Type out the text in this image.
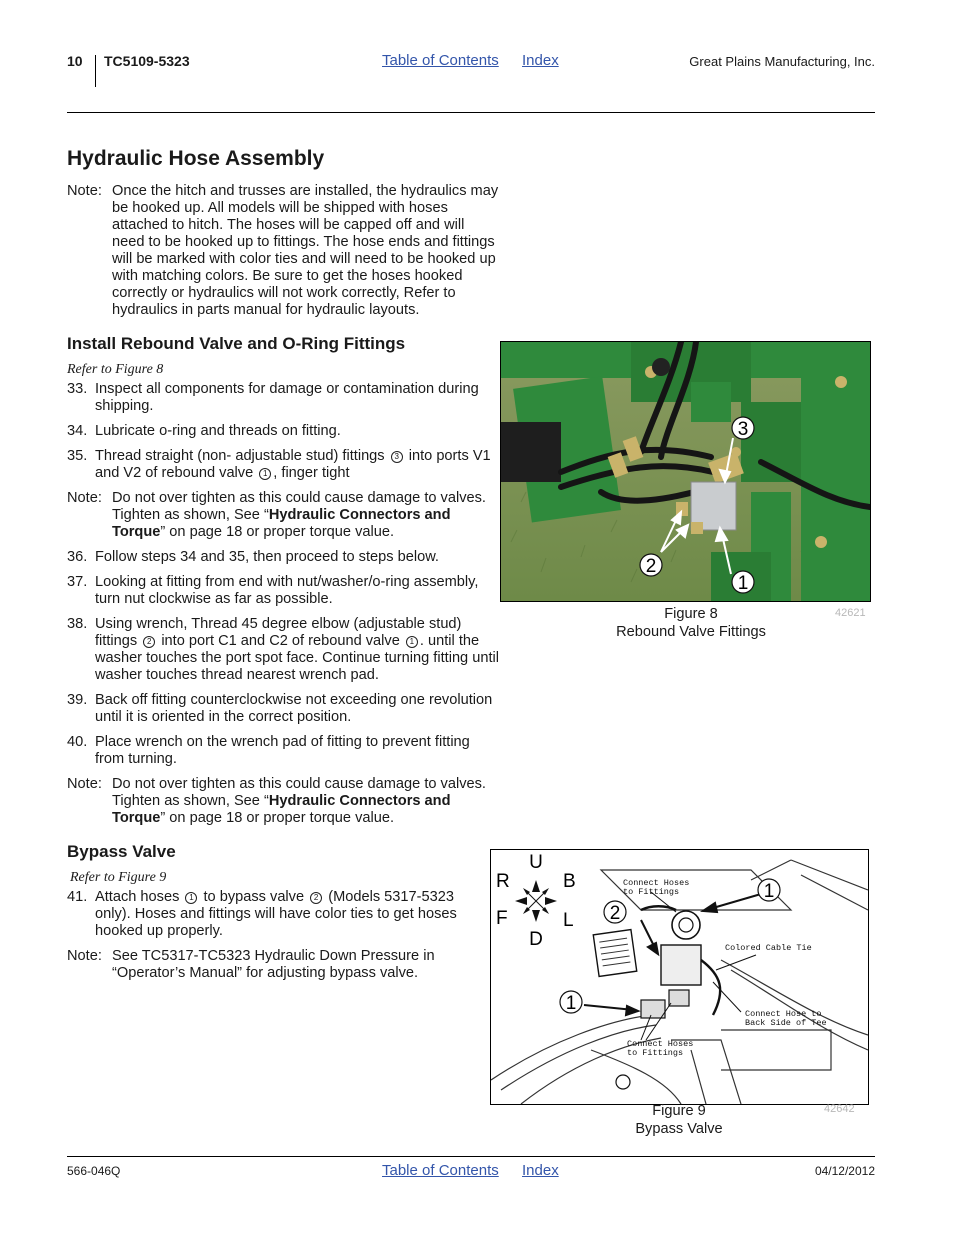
10 TC5109-5323	Table of Contents Index	Great Plains Manufacturing, Inc.
Hydraulic Hose Assembly
Note: Once the hitch and trusses are installed, the hydraulics may be hooked up. All models will be shipped with hoses attached to hitch. The hoses will be capped off and will need to be hooked up to fittings. The hose ends and fittings will be marked with color ties and will need to be hooked up with matching colors. Be sure to get the hoses hooked correctly or hydraulics will not work correctly, Refer to hydraulics in parts manual for hydraulic layouts.
Install Rebound Valve and O-Ring Fittings
Refer to Figure 8
33. Inspect all components for damage or contamination during shipping.
34. Lubricate o-ring and threads on fitting.
35. Thread straight (non- adjustable stud) fittings 3 into ports V1 and V2 of rebound valve 1 , finger tight
Note: Do not over tighten as this could cause damage to valves. Tighten as shown, See “Hydraulic Connectors and Torque” on page 18 or proper torque value.
36. Follow steps 34 and 35, then proceed to steps below.
37. Looking at fitting from end with nut/washer/o-ring assembly, turn nut clockwise as far as possible.
38. Using wrench, Thread 45 degree elbow (adjustable stud) fittings 2 into port C1 and C2 of rebound valve 1 . until the washer touches the port spot face. Continue turning fitting until washer touches thread nearest wrench pad.
39. Back off fitting counterclockwise not exceeding one revolution until it is oriented in the correct position.
40. Place wrench on the wrench pad of fitting to prevent fitting from turning.
Note: Do not over tighten as this could cause damage to valves. Tighten as shown, See “Hydraulic Connectors and Torque” on page 18 or proper torque value.
3
1
2
Figure 8
Rebound Valve Fittings
42621
Bypass Valve
Refer to Figure 9
41. Attach hoses 1 to bypass valve 2 (Models 5317-5323 only). Hoses and fittings will have color ties to get hoses hooked up properly.
Note: See TC5317-TC5323 Hydraulic Down Pressure in “Operator’s Manual” for adjusting bypass valve.
U
D
R	B
F	L
1
2
1
Connect Hoses
to Fittings
Colored Cable Tie
Connect Hose to
Back Side of Tee
Connect Hoses
to Fittings
Figure 9
Bypass Valve
42642
566-046Q	Table of Contents Index	04/12/2012
